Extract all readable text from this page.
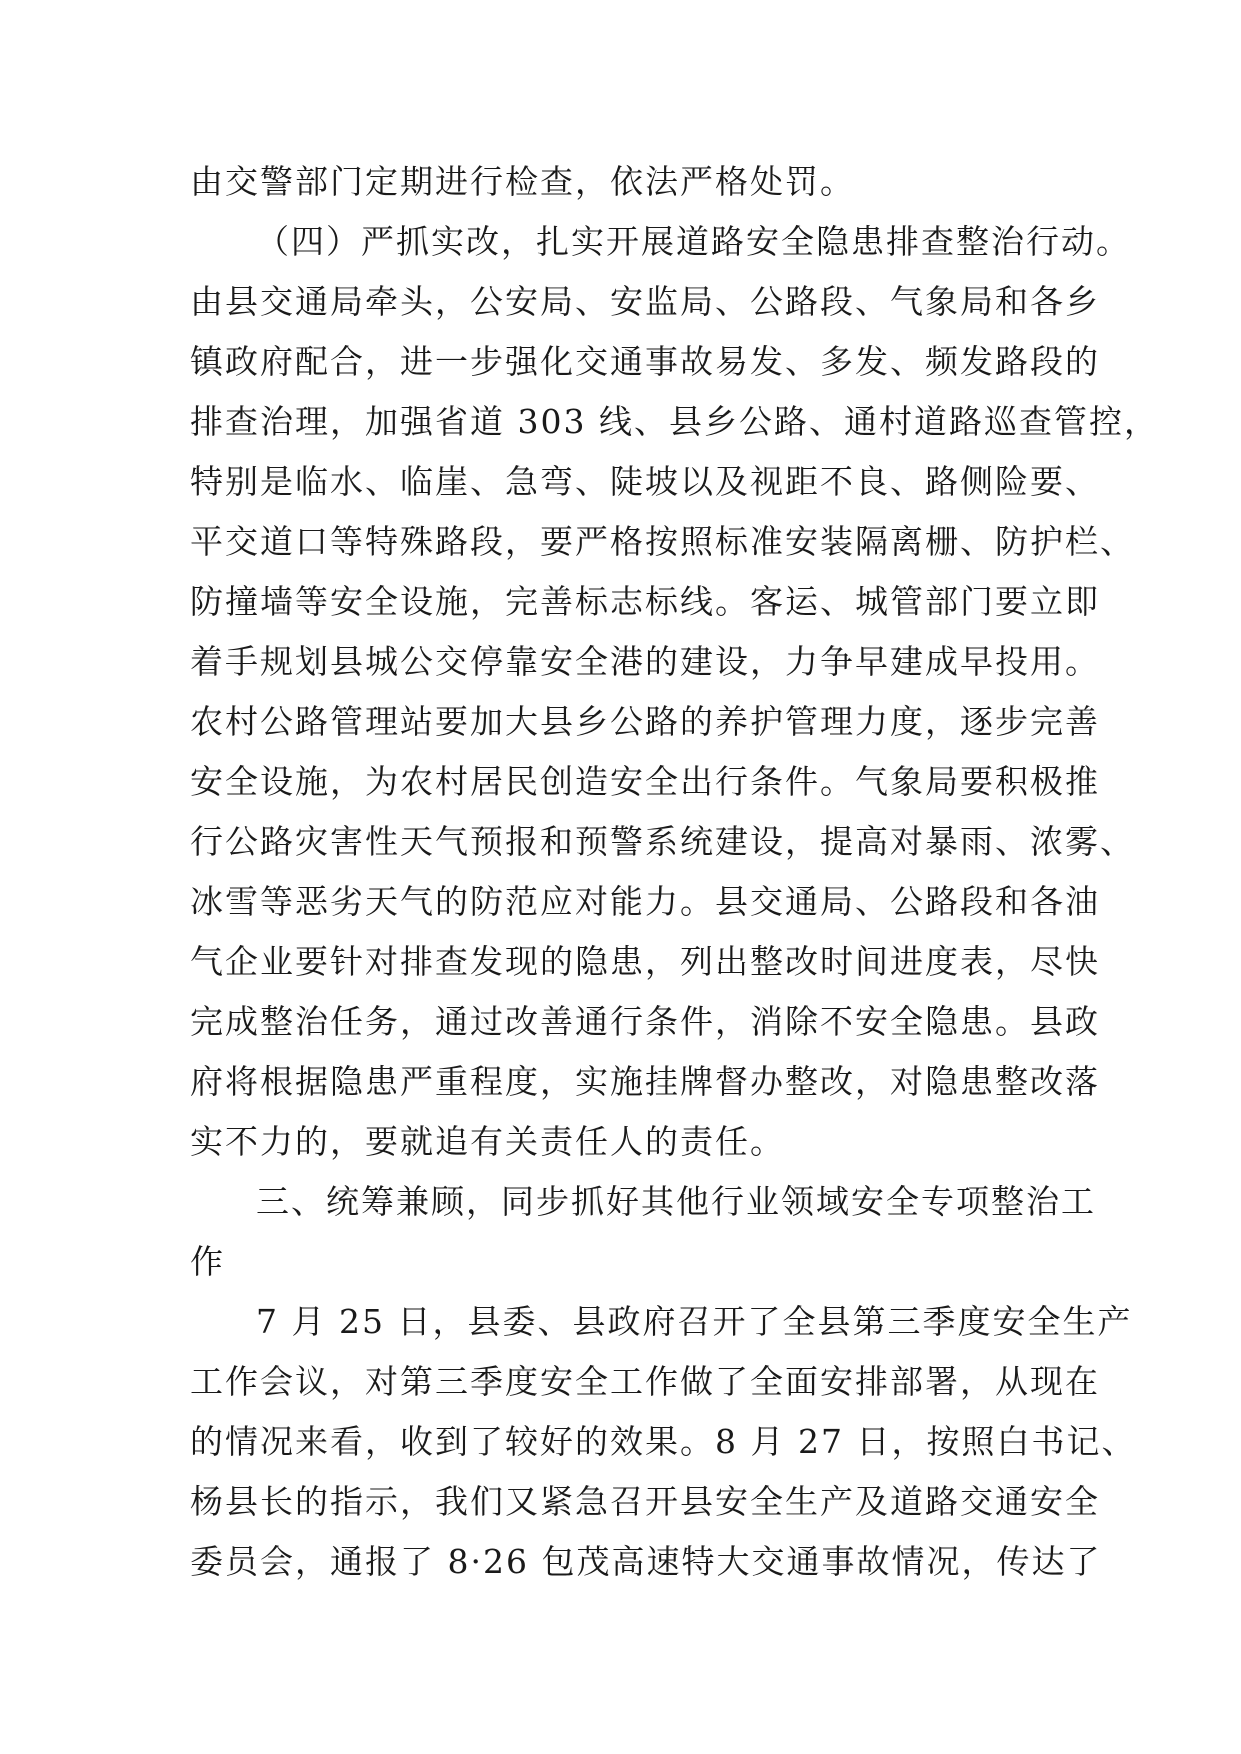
由交警部门定期进行检查，依法严格处罚。
（四）严抓实改，扎实开展道路安全隐患排查整治行动。
由县交通局牵头，公安局、安监局、公路段、气象局和各乡
镇政府配合，进一步强化交通事故易发、多发、频发路段的
排查治理，加强省道 303 线、县乡公路、通村道路巡查管控，
特别是临水、临崖、急弯、陡坡以及视距不良、路侧险要、
平交道口等特殊路段，要严格按照标准安装隔离栅、防护栏、
防撞墙等安全设施，完善标志标线。客运、城管部门要立即
着手规划县城公交停靠安全港的建设，力争早建成早投用。
农村公路管理站要加大县乡公路的养护管理力度，逐步完善
安全设施，为农村居民创造安全出行条件。气象局要积极推
行公路灾害性天气预报和预警系统建设，提高对暴雨、浓雾、
冰雪等恶劣天气的防范应对能力。县交通局、公路段和各油
气企业要针对排查发现的隐患，列出整改时间进度表，尽快
完成整治任务，通过改善通行条件，消除不安全隐患。县政
府将根据隐患严重程度，实施挂牌督办整改，对隐患整改落
实不力的，要就追有关责任人的责任。
三、统筹兼顾，同步抓好其他行业领域安全专项整治工
作
7 月 25 日，县委、县政府召开了全县第三季度安全生产
工作会议，对第三季度安全工作做了全面安排部署，从现在
的情况来看，收到了较好的效果。8 月 27 日，按照白书记、
杨县长的指示，我们又紧急召开县安全生产及道路交通安全
委员会，通报了 8·26 包茂高速特大交通事故情况，传达了
